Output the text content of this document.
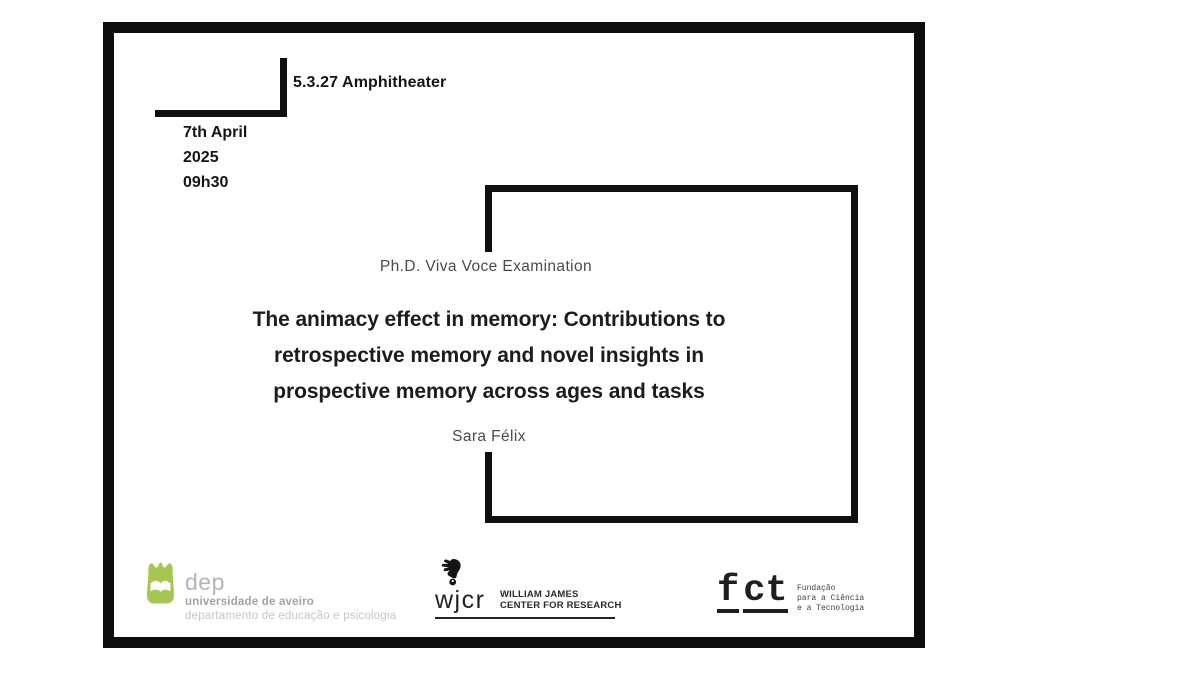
5.3.27 Amphitheater
7th April
2025
09h30
Ph.D. Viva Voce Examination
The animacy effect in memory: Contributions to
retrospective memory and novel insights in
prospective memory across ages and tasks
Sara Félix
dep
universidade de aveiro
departamento de educação e psicologia
wjcr WILLIAM JAMES
CENTER FOR RESEARCH	f ct Fundação
para a Ciência
e a Tecnologia
